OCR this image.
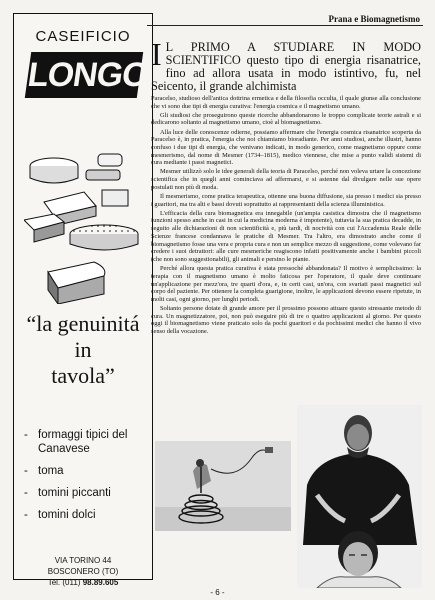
CASEIFICIO
LONGO
“la genuinitá
in
tavola”
- formaggi tipici del Canavese
- toma
- tomini piccanti
- tomini dolci
VIA TORINO 44
BOSCONERO (TO)
Tel. (011) 98.89.605
Prana e Biomagnetismo
I L PRIMO A STUDIARE IN MODO SCIENTIFICO questo tipo di energia risanatrice, fino ad allora usata in modo istintivo, fu, nel Seicento, il grande alchimista
Paracelso, studioso dell'antica dottrina ermetica e della filosofia occulta, il quale giunse alla conclusione che vi sono due tipi di energia curativa: l'energia cosmica e il magnetismo umano.

Gli studiosi che proseguirono queste ricerche abbandonarono le troppo complicate teorie astrali e si dedicarono soltanto al magnetismo umano, cioè al biomagnetismo.

Alla luce delle conoscenze odierne, possiamo affermare che l'energia cosmica risanatrice scoperta da Paracelso è, in pratica, l'energia che noi chiamiamo bioradiante. Per anni studiosi, anche illustri, hanno confuso i due tipi di energia, che venivano indicati, in modo generico, come magnetismo oppure come mesmerismo, dal nome di Mesmer (1734–1815), medico viennese, che mise a punto validi sistemi di cura mediante i passi magnetici.

Mesmer utilizzò solo le idee generali della teoria di Paracelso, perché non voleva urtare la concezione scientifica che in quegli anni cominciava ad affermarsi, e si astenne dal divulgare nelle sue opere postulati non più di moda.

Il mesmerismo, come pratica terapeutica, ottenne una buona diffusione, sia presso i medici sia presso i guaritori, ma tra alti e bassi dovuti soprattutto ai rappresentanti della scienza illuministica.

L'efficacia della cura biomagnetica era innegabile (un'ampia casistica dimostra che il magnetismo funzioni spesso anche in casi in cui la medicina moderna è impotente), tuttavia la sua pratica decadde, in seguito alle dichiarazioni di non scientificità e, più tardi, di nocività con cui l'Accademia Reale delle Scienze francese condannava le pratiche di Mesmer. Tra l'altro, era dimostrato anche come il biomagnetismo fosse una vera e propria cura e non un semplice mezzo di suggestione, come volevano far credere i suoi detrattori: alle cure mesmeriche reagiscono infatti positivamente anche i bambini piccoli (che non sono suggestionabili), gli animali e persino le piante.

Perché allora questa pratica curativa è stata pressoché abbandonata? Il motivo è semplicissimo: la terapia con il magnetismo umano è molto faticosa per l'operatore, il quale deve continuare un'applicazione per mezz'ora, tre quarti d'ora, e, in certi casi, un'ora, con svariati passi magnetici sul corpo del paziente. Per ottenere la completa guarigione, inoltre, le applicazioni devono essere ripetute, in molti casi, ogni giorno, per lunghi periodi.

Soltanto persone dotate di grande amore per il prossimo possono attuare questo stressante metodo di cura. Un magnetizzatore, poi, non può eseguire più di tre o quattro applicazioni al giorno. Per questo oggi il biomagnetismo viene praticato solo da pochi guaritori e da pochissimi medici che hanno il vivo senso della vocazione.

- 6 -
